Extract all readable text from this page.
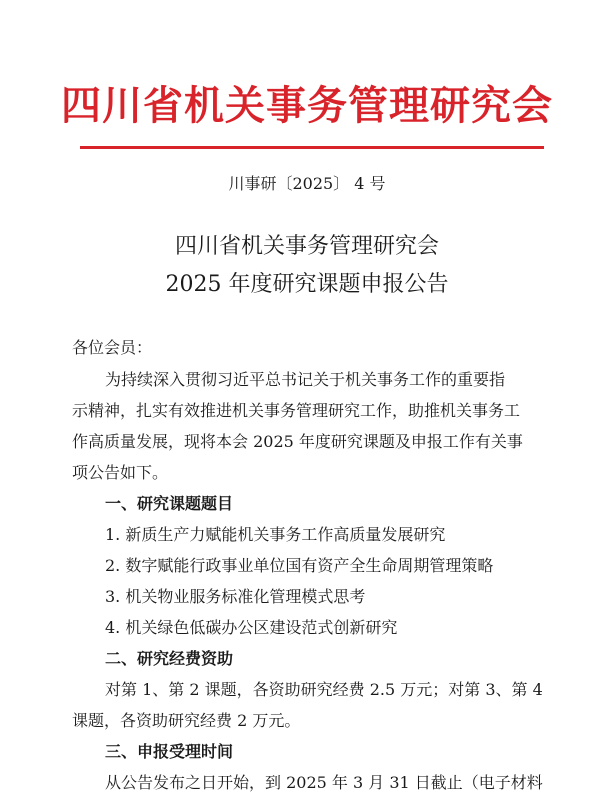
四川省机关事务管理研究会
川事研〔2025〕 4 号
四川省机关事务管理研究会
2025 年度研究课题申报公告
各位会员：
为持续深入贯彻习近平总书记关于机关事务工作的重要指
示精神，扎实有效推进机关事务管理研究工作，助推机关事务工
作高质量发展，现将本会 2025 年度研究课题及申报工作有关事
项公告如下。
一、研究课题题目
1. 新质生产力赋能机关事务工作高质量发展研究
2. 数字赋能行政事业单位国有资产全生命周期管理策略
3. 机关物业服务标准化管理模式思考
4. 机关绿色低碳办公区建设范式创新研究
二、研究经费资助
对第 1、第 2 课题，各资助研究经费 2.5 万元；对第 3、第 4
课题，各资助研究经费 2 万元。
三、申报受理时间
从公告发布之日开始，到 2025 年 3 月 31 日截止（电子材料
